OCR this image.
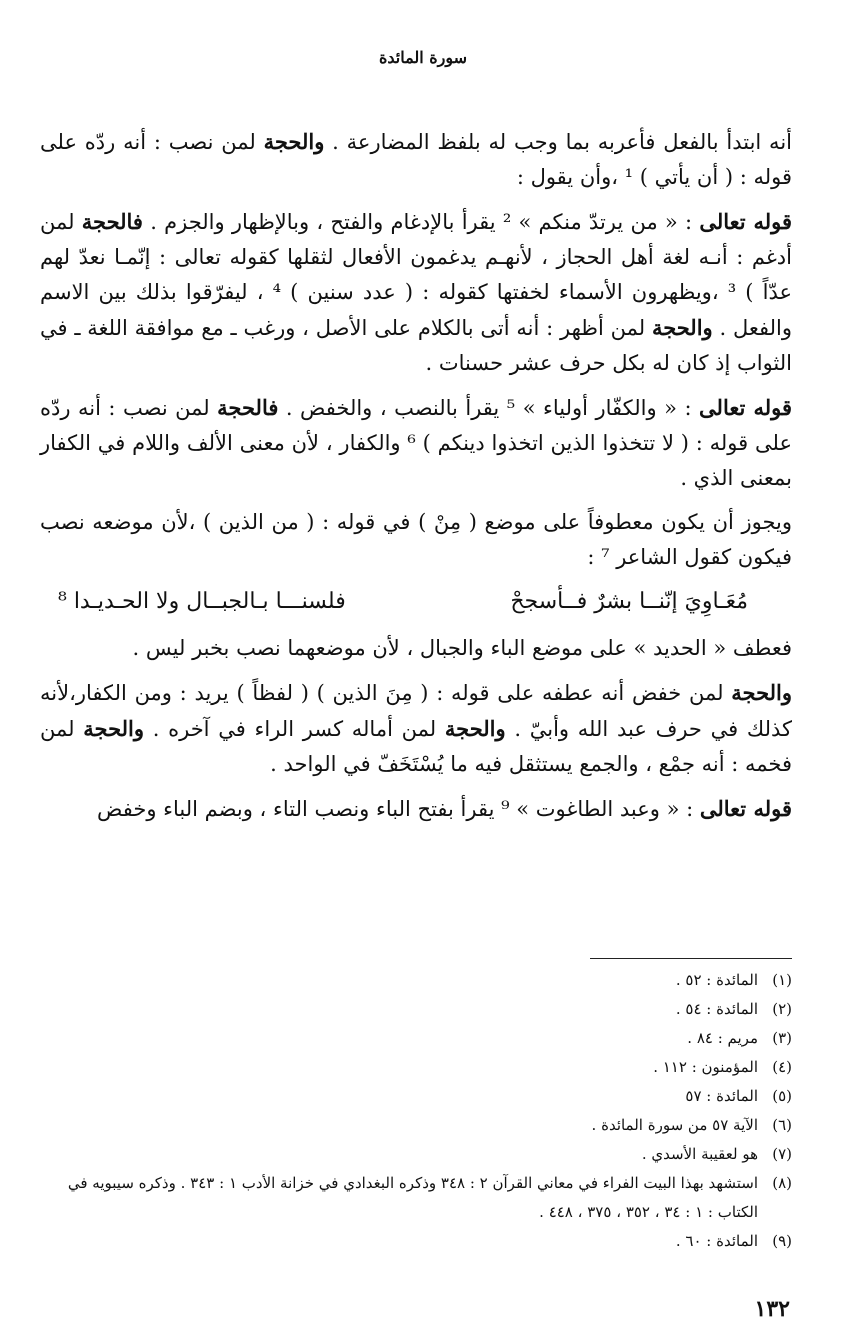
سورة المائدة
أنه ابتدأ بالفعل فأعربه بما وجب له بلفظ المضارعة . والحجة لمن نصب : أنه ردّه على قوله : ( أن يأتي ) ¹ ،وأن يقول :
قوله تعالى : « من يرتدّ منكم » ² يقرأ بالإدغام والفتح ، وبالإظهار والجزم . فالحجة لمن أدغم : أنـه لغة أهل الحجاز ، لأنهـم يدغمون الأفعال لثقلها كقوله تعالى : إنّمـا نعدّ لهم عدّاً ) ³ ،ويظهرون الأسماء لخفتها كقوله : ( عدد سنين ) ⁴ ، ليفرّقوا بذلك بين الاسم والفعل . والحجة لمن أظهر : أنه أتى بالكلام على الأصل ، ورغب ـ مع موافقة اللغة ـ في الثواب إذ كان له بكل حرف عشر حسنات .
قوله تعالى : « والكفّار أولياء » ⁵ يقرأ بالنصب ، والخفض . فالحجة لمن نصب : أنه ردّه على قوله : ( لا تتخذوا الذين اتخذوا دينكم ) ⁶ والكفار ، لأن معنى الألف واللام في الكفار بمعنى الذي .
ويجوز أن يكون معطوفاً على موضع ( مِنْ ) في قوله : ( من الذين ) ،لأن موضعه نصب فيكون كقول الشاعر ⁷ :
مُعَـاوِيَ إنّنــا بشرٌ فــأسجحْ
فلسنـــا بـالجبــال ولا الحـديـدا ⁸
فعطف « الحديد » على موضع الباء والجبال ، لأن موضعهما نصب بخبر ليس .
والحجة لمن خفض أنه عطفه على قوله : ( مِنَ الذين ) ( لفظاً ) يريد : ومن الكفار،لأنه كذلك في حرف عبد الله وأبيّ . والحجة لمن أماله كسر الراء في آخره . والحجة لمن فخمه : أنه جمْع ، والجمع يستثقل فيه ما يُسْتَخَفّ في الواحد .
قوله تعالى : « وعبد الطاغوت » ⁹ يقرأ بفتح الباء ونصب التاء ، وبضم الباء وخفض
(١)
المائدة : ٥٢ .
(٢)
المائدة : ٥٤ .
(٣)
مريم : ٨٤ .
(٤)
المؤمنون : ١١٢ .
(٥)
المائدة : ٥٧
(٦)
الآية ٥٧ من سورة المائدة .
(٧)
هو لعقيبة الأسدي .
(٨)
استشهد بهذا البيت الفراء في معاني القرآن ٢ : ٣٤٨ وذكره البغدادي في خزانة الأدب ١ : ٣٤٣ . وذكره سيبويه في الكتاب : ١ : ٣٤ ، ٣٥٢ ، ٣٧٥ ، ٤٤٨ .
(٩)
المائدة : ٦٠ .
١٣٢
